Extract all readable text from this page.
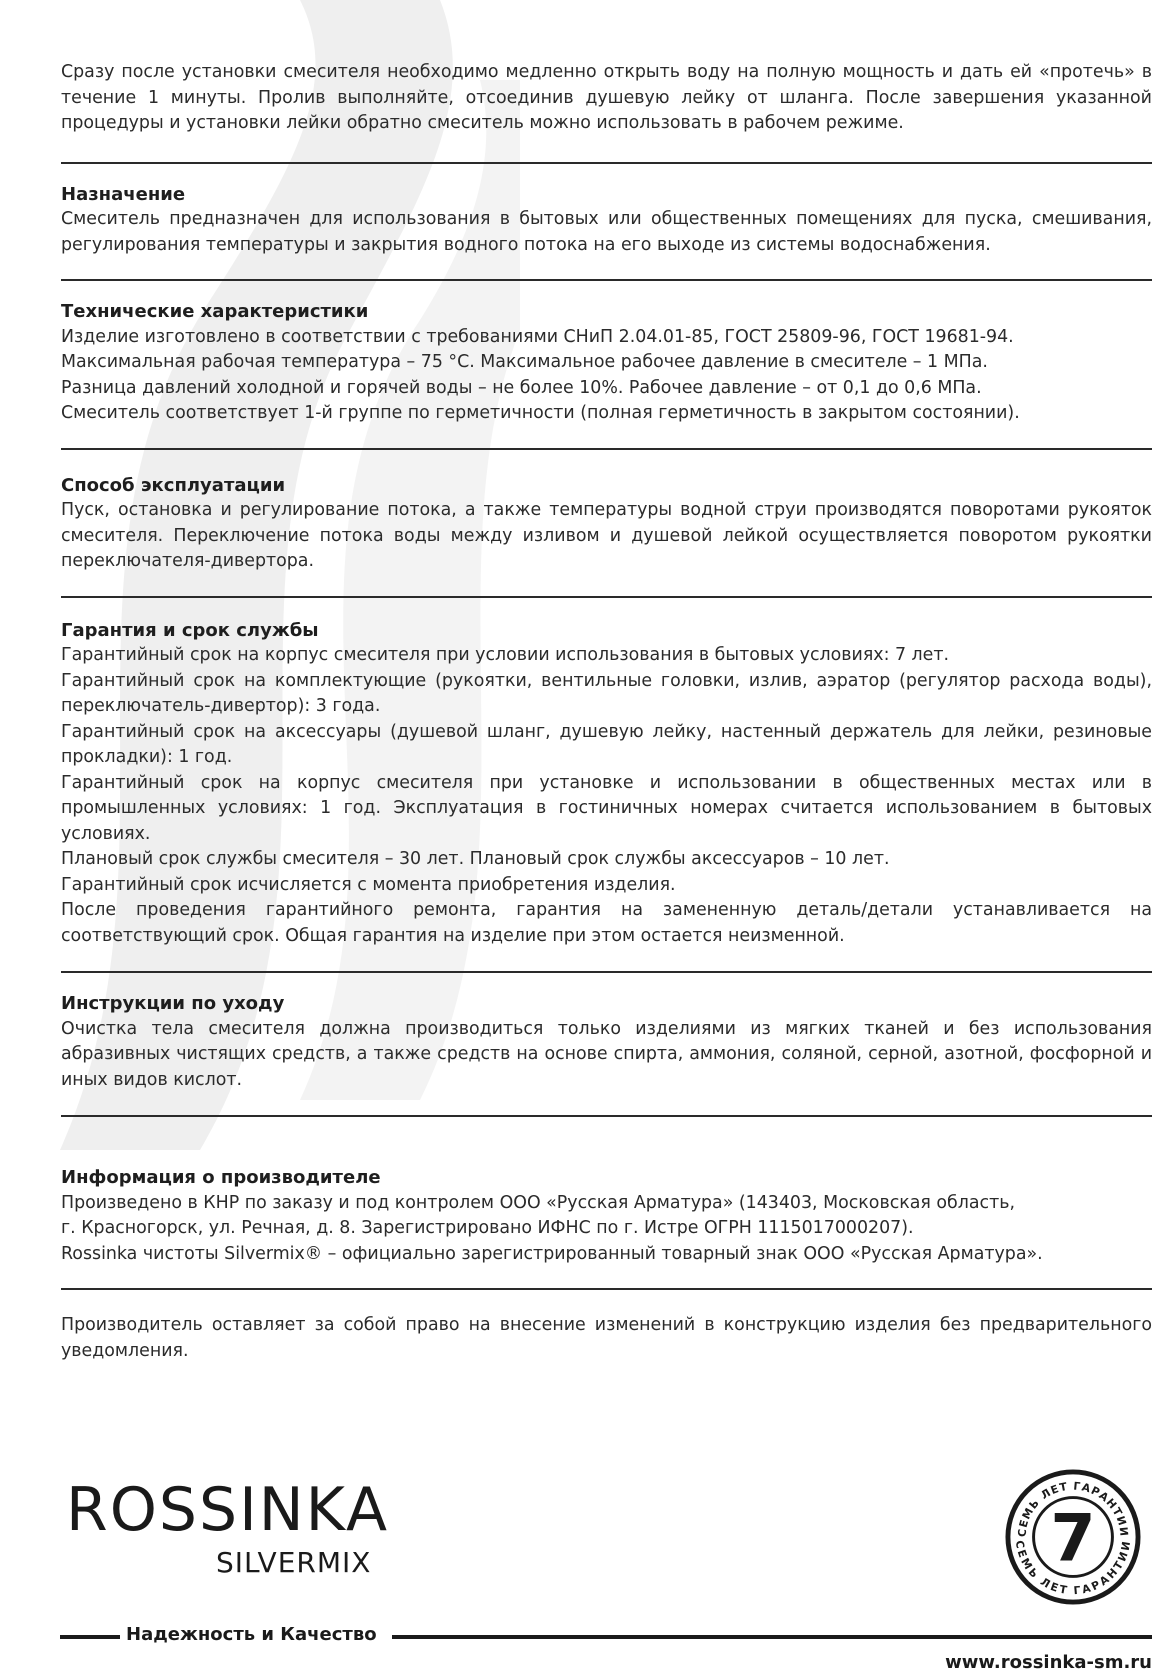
Сразу после установки смесителя необходимо медленно открыть воду на полную мощность и дать ей «протечь» в течение 1 минуты. Пролив выполняйте, отсоединив душевую лейку от шланга. После завершения указанной процедуры и установки лейки обратно смеситель можно использовать в рабочем режиме.
Назначение
Смеситель предназначен для использования в бытовых или общественных помещениях для пуска, смешивания, регулирования температуры и закрытия водного потока на его выходе из системы водоснабжения.
Технические характеристики

Изделие изготовлено в соответствии с требованиями СНиП 2.04.01-85, ГОСТ 25809-96, ГОСТ 19681-94.

Максимальная рабочая температура – 75 °С. Максимальное рабочее давление в смесителе – 1 МПа.

Разница давлений холодной и горячей воды – не более 10%. Рабочее давление – от 0,1 до 0,6 МПа.

Смеситель соответствует 1-й группе по герметичности (полная герметичность в закрытом состоянии).

Способ эксплуатации
Пуск, остановка и регулирование потока, а также температуры водной струи производятся поворотами рукояток смесителя. Переключение потока воды между изливом и душевой лейкой осуществляется поворотом рукоятки переключателя-дивертора.
Гарантия и срок службы

Гарантийный срок на корпус смесителя при условии использования в бытовых условиях: 7 лет.

Гарантийный срок на комплектующие (рукоятки, вентильные головки, излив, аэратор (регулятор расхода воды), переключатель-дивертор): 3 года.

Гарантийный срок на аксессуары (душевой шланг, душевую лейку, настенный держатель для лейки, резиновые прокладки): 1 год.

Гарантийный срок на корпус смесителя при установке и использовании в общественных местах или в промышленных условиях: 1 год. Эксплуатация в гостиничных номерах считается использованием в бытовых условиях.

Плановый срок службы смесителя – 30 лет. Плановый срок службы аксессуаров – 10 лет.

Гарантийный срок исчисляется с момента приобретения изделия.

После проведения гарантийного ремонта, гарантия на замененную деталь/детали устанавливается на соответствующий срок. Общая гарантия на изделие при этом остается неизменной.

Инструкции по уходу
Очистка тела смесителя должна производиться только изделиями из мягких тканей и без использования абразивных чистящих средств, а также средств на основе спирта, аммония, соляной, серной, азотной, фосфорной и иных видов кислот.
Информация о производителе

Произведено в КНР по заказу и под контролем ООО «Русская Арматура» (143403, Московская область,

г. Красногорск, ул. Речная, д. 8. Зарегистрировано ИФНС по г. Истре ОГРН 1115017000207).

Rossinka чистоты Silvermix® – официально зарегистрированный товарный знак ООО «Русская Арматура».

Производитель оставляет за собой право на внесение изменений в конструкцию изделия без предварительного уведомления.
ROSSINKA
SILVERMIX
СЕМЬ ЛЕТ ГАРАНТИИ
СЕМЬ ЛЕТ ГАРАНТИИ
7
Надежность и Качество
www.rossinka-sm.ru
